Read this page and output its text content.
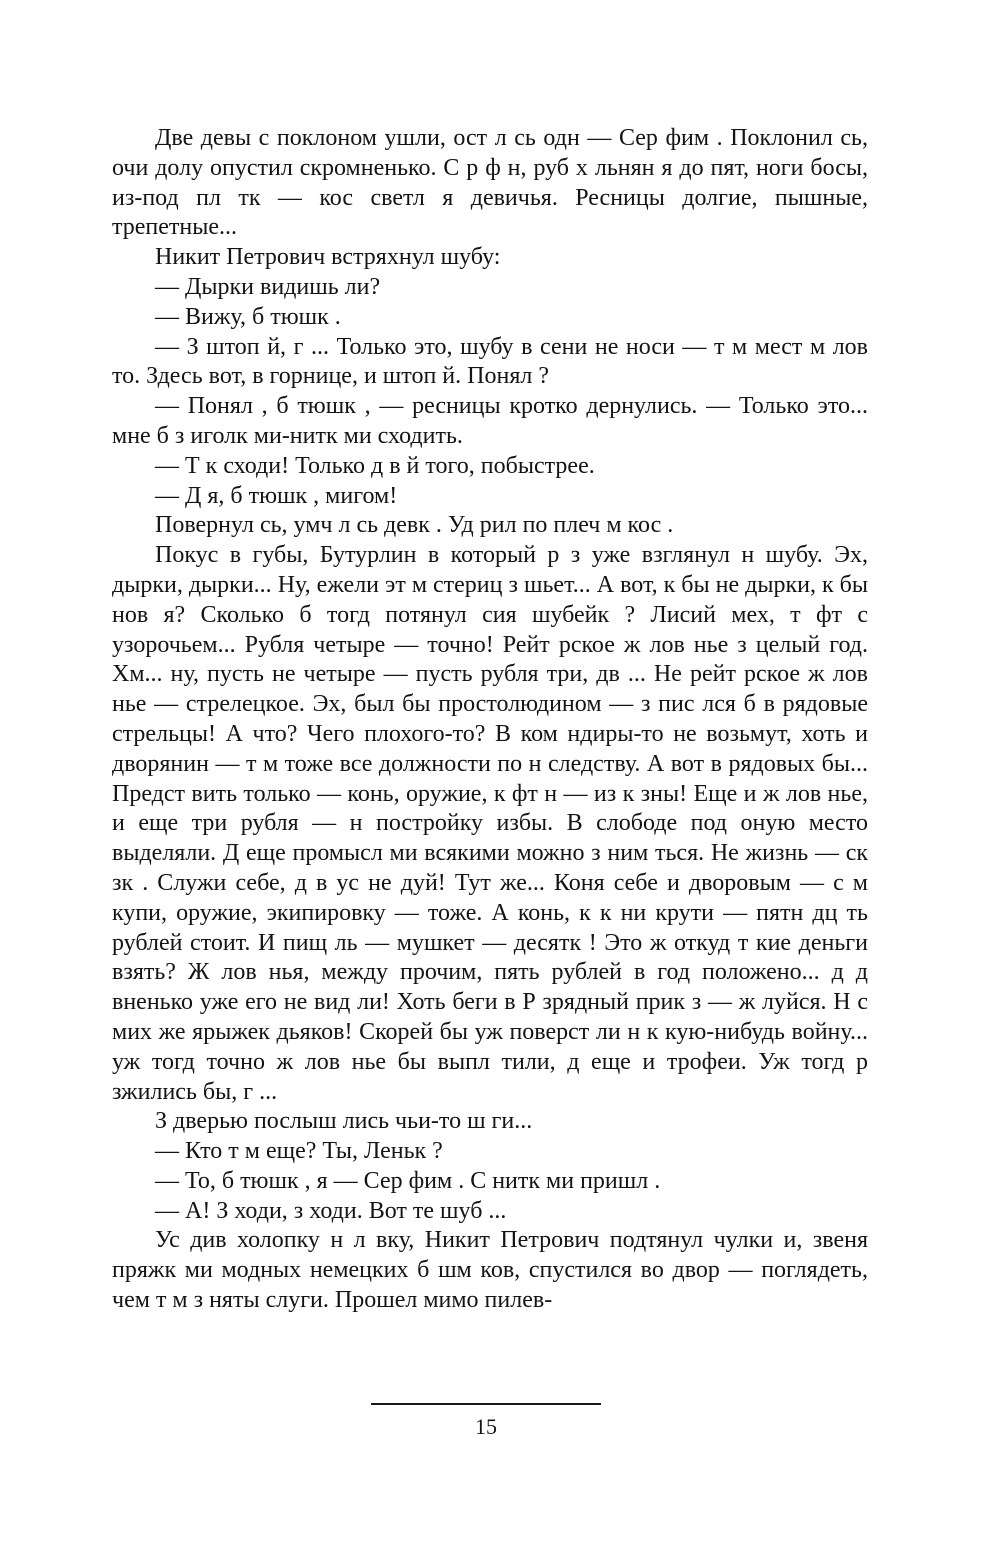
Две девы с поклоном ушли, ост л сь одн — Сер фим . Поклонил сь, очи долу опустил скромненько. С р ф н, руб х льнян я до пят, ноги босы, из-под пл тк — кос светл я девичья. Ресницы долгие, пышные, трепетные...

Никит Петрович встряхнул шубу:

— Дырки видишь ли?

— Вижу, б тюшк .

— З штоп й, г ... Только это, шубу в сени не носи — т м мест м лов то. Здесь вот, в горнице, и штоп й. Понял ?

— Понял , б тюшк , — ресницы кротко дернулись. — Только это... мне б з иголк ми-нитк ми сходить.

— Т к сходи! Только д в й того, побыстрее.

— Д я, б тюшк , мигом!

Повернул сь, умч л сь девк . Уд рил по плеч м кос .

Покус в губы, Бутурлин в который р з уже взглянул н шубу. Эх, дырки, дырки... Ну, ежели эт м стериц з шьет... А вот, к бы не дырки, к бы нов я? Сколько б тогд потянул сия шубейк ? Лисий мех, т фт с узорочьем... Рубля четыре — точно! Рейт рское ж лов нье з целый год. Хм... ну, пусть не четыре — пусть рубля три, дв ... Не рейт рское ж лов нье — стрелецкое. Эх, был бы простолюдином — з пис лся б в рядовые стрельцы! А что? Чего плохого-то? В ком ндиры-то не возьмут, хоть и дворянин — т м тоже все должности по н следству. А вот в рядовых бы... Предст вить только — конь, оружие, к фт н — из к зны! Еще и ж лов нье, и еще три рубля — н постройку избы. В слободе под оную место выделяли. Д еще промысл ми всякими можно з ним ться. Не жизнь — ск зк . Служи себе, д в ус не дуй! Тут же... Коня себе и дворовым — с м купи, оружие, экипировку — тоже. А конь, к к ни крути — пятн дц ть рублей стоит. И пищ ль — мушкет — десятк ! Это ж откуд т кие деньги взять? Ж лов нья, между прочим, пять рублей в год положено... д д вненько уже его не вид ли! Хоть беги в Р зрядный прик з — ж луйся. Н с мих же ярыжек дьяков! Скорей бы уж поверст ли н к кую-нибудь войну... уж тогд точно ж лов нье бы выпл тили, д еще и трофеи. Уж тогд р зжились бы, г ...

З дверью послыш лись чьи-то ш ги...

— Кто т м еще? Ты, Леньк ?

— То, б тюшк , я — Сер фим . С нитк ми пришл .

— А! З ходи, з ходи. Вот те шуб ...

Ус див холопку н л вку, Никит Петрович подтянул чулки и, звеня пряжк ми модных немецких б шм ков, спустился во двор — поглядеть, чем т м з няты слуги. Прошел мимо пилев-

15
